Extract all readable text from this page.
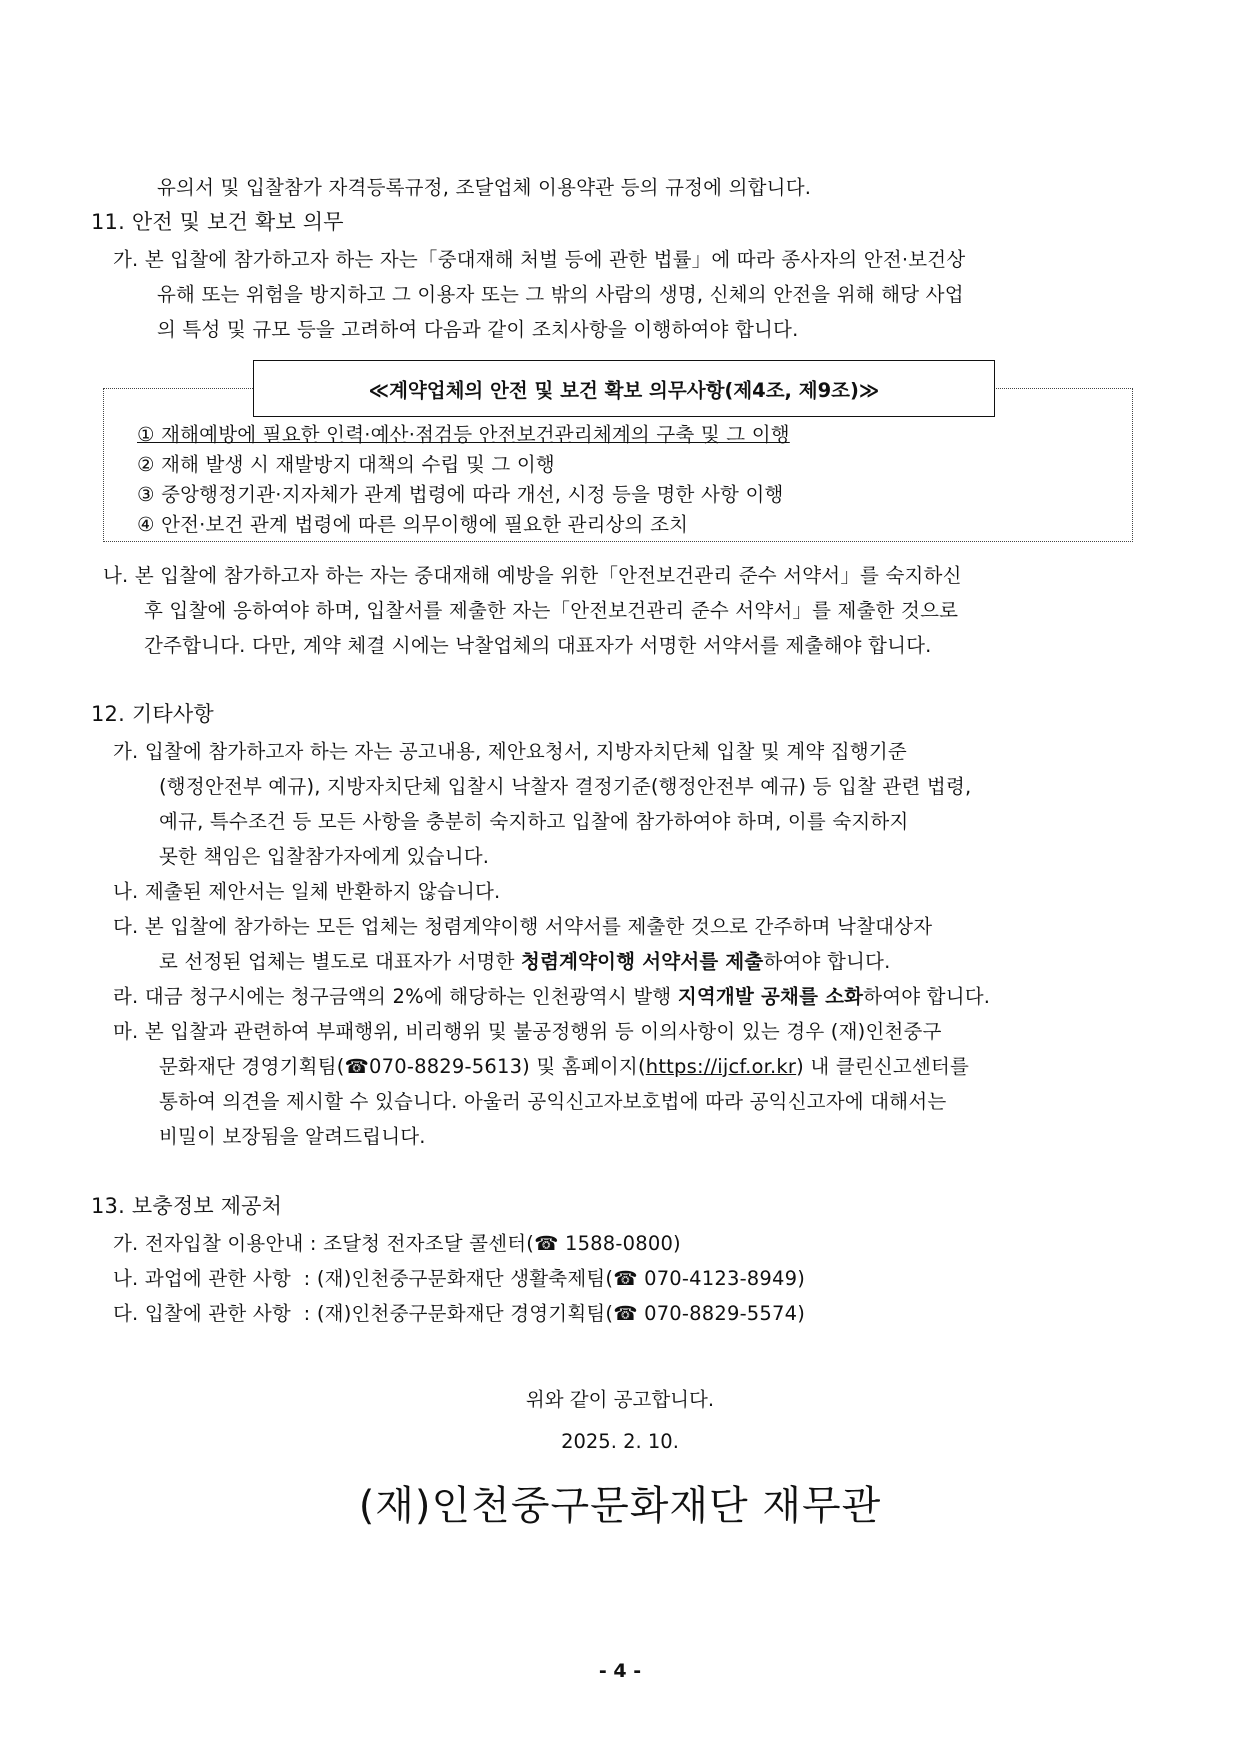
유의서 및 입찰참가 자격등록규정, 조달업체 이용약관 등의 규정에 의합니다.
11. 안전 및 보건 확보 의무
가. 본 입찰에 참가하고자 하는 자는「중대재해 처벌 등에 관한 법률」에 따라 종사자의 안전·보건상
유해 또는 위험을 방지하고 그 이용자 또는 그 밖의 사람의 생명, 신체의 안전을 위해 해당 사업
의 특성 및 규모 등을 고려하여 다음과 같이 조치사항을 이행하여야 합니다.
≪계약업체의 안전 및 보건 확보 의무사항(제4조, 제9조)≫
① 재해예방에 필요한 인력·예산·점검등 안전보건관리체계의 구축 및 그 이행
② 재해 발생 시 재발방지 대책의 수립 및 그 이행
③ 중앙행정기관·지자체가 관계 법령에 따라 개선, 시정 등을 명한 사항 이행
④ 안전·보건 관계 법령에 따른 의무이행에 필요한 관리상의 조치
나. 본 입찰에 참가하고자 하는 자는 중대재해 예방을 위한「안전보건관리 준수 서약서」를 숙지하신
후 입찰에 응하여야 하며, 입찰서를 제출한 자는「안전보건관리 준수 서약서」를 제출한 것으로
간주합니다. 다만, 계약 체결 시에는 낙찰업체의 대표자가 서명한 서약서를 제출해야 합니다.
12. 기타사항
가. 입찰에 참가하고자 하는 자는 공고내용, 제안요청서, 지방자치단체 입찰 및 계약 집행기준
(행정안전부 예규), 지방자치단체 입찰시 낙찰자 결정기준(행정안전부 예규) 등 입찰 관련 법령,
예규, 특수조건 등 모든 사항을 충분히 숙지하고 입찰에 참가하여야 하며, 이를 숙지하지
못한 책임은 입찰참가자에게 있습니다.
나. 제출된 제안서는 일체 반환하지 않습니다.
다. 본 입찰에 참가하는 모든 업체는 청렴계약이행 서약서를 제출한 것으로 간주하며 낙찰대상자
로 선정된 업체는 별도로 대표자가 서명한 청렴계약이행 서약서를 제출하여야 합니다.
라. 대금 청구시에는 청구금액의 2%에 해당하는 인천광역시 발행 지역개발 공채를 소화하여야 합니다.
마. 본 입찰과 관련하여 부패행위, 비리행위 및 불공정행위 등 이의사항이 있는 경우 (재)인천중구
문화재단 경영기획팀(☎070-8829-5613) 및 홈페이지(https://ijcf.or.kr) 내 클린신고센터를
통하여 의견을 제시할 수 있습니다. 아울러 공익신고자보호법에 따라 공익신고자에 대해서는
비밀이 보장됨을 알려드립니다.
13. 보충정보 제공처
가. 전자입찰 이용안내 : 조달청 전자조달 콜센터(☎ 1588-0800)
나. 과업에 관한 사항  : (재)인천중구문화재단 생활축제팀(☎ 070-4123-8949)
다. 입찰에 관한 사항  : (재)인천중구문화재단 경영기획팀(☎ 070-8829-5574)
위와 같이 공고합니다.
2025. 2. 10.
(재)인천중구문화재단 재무관
- 4 -
